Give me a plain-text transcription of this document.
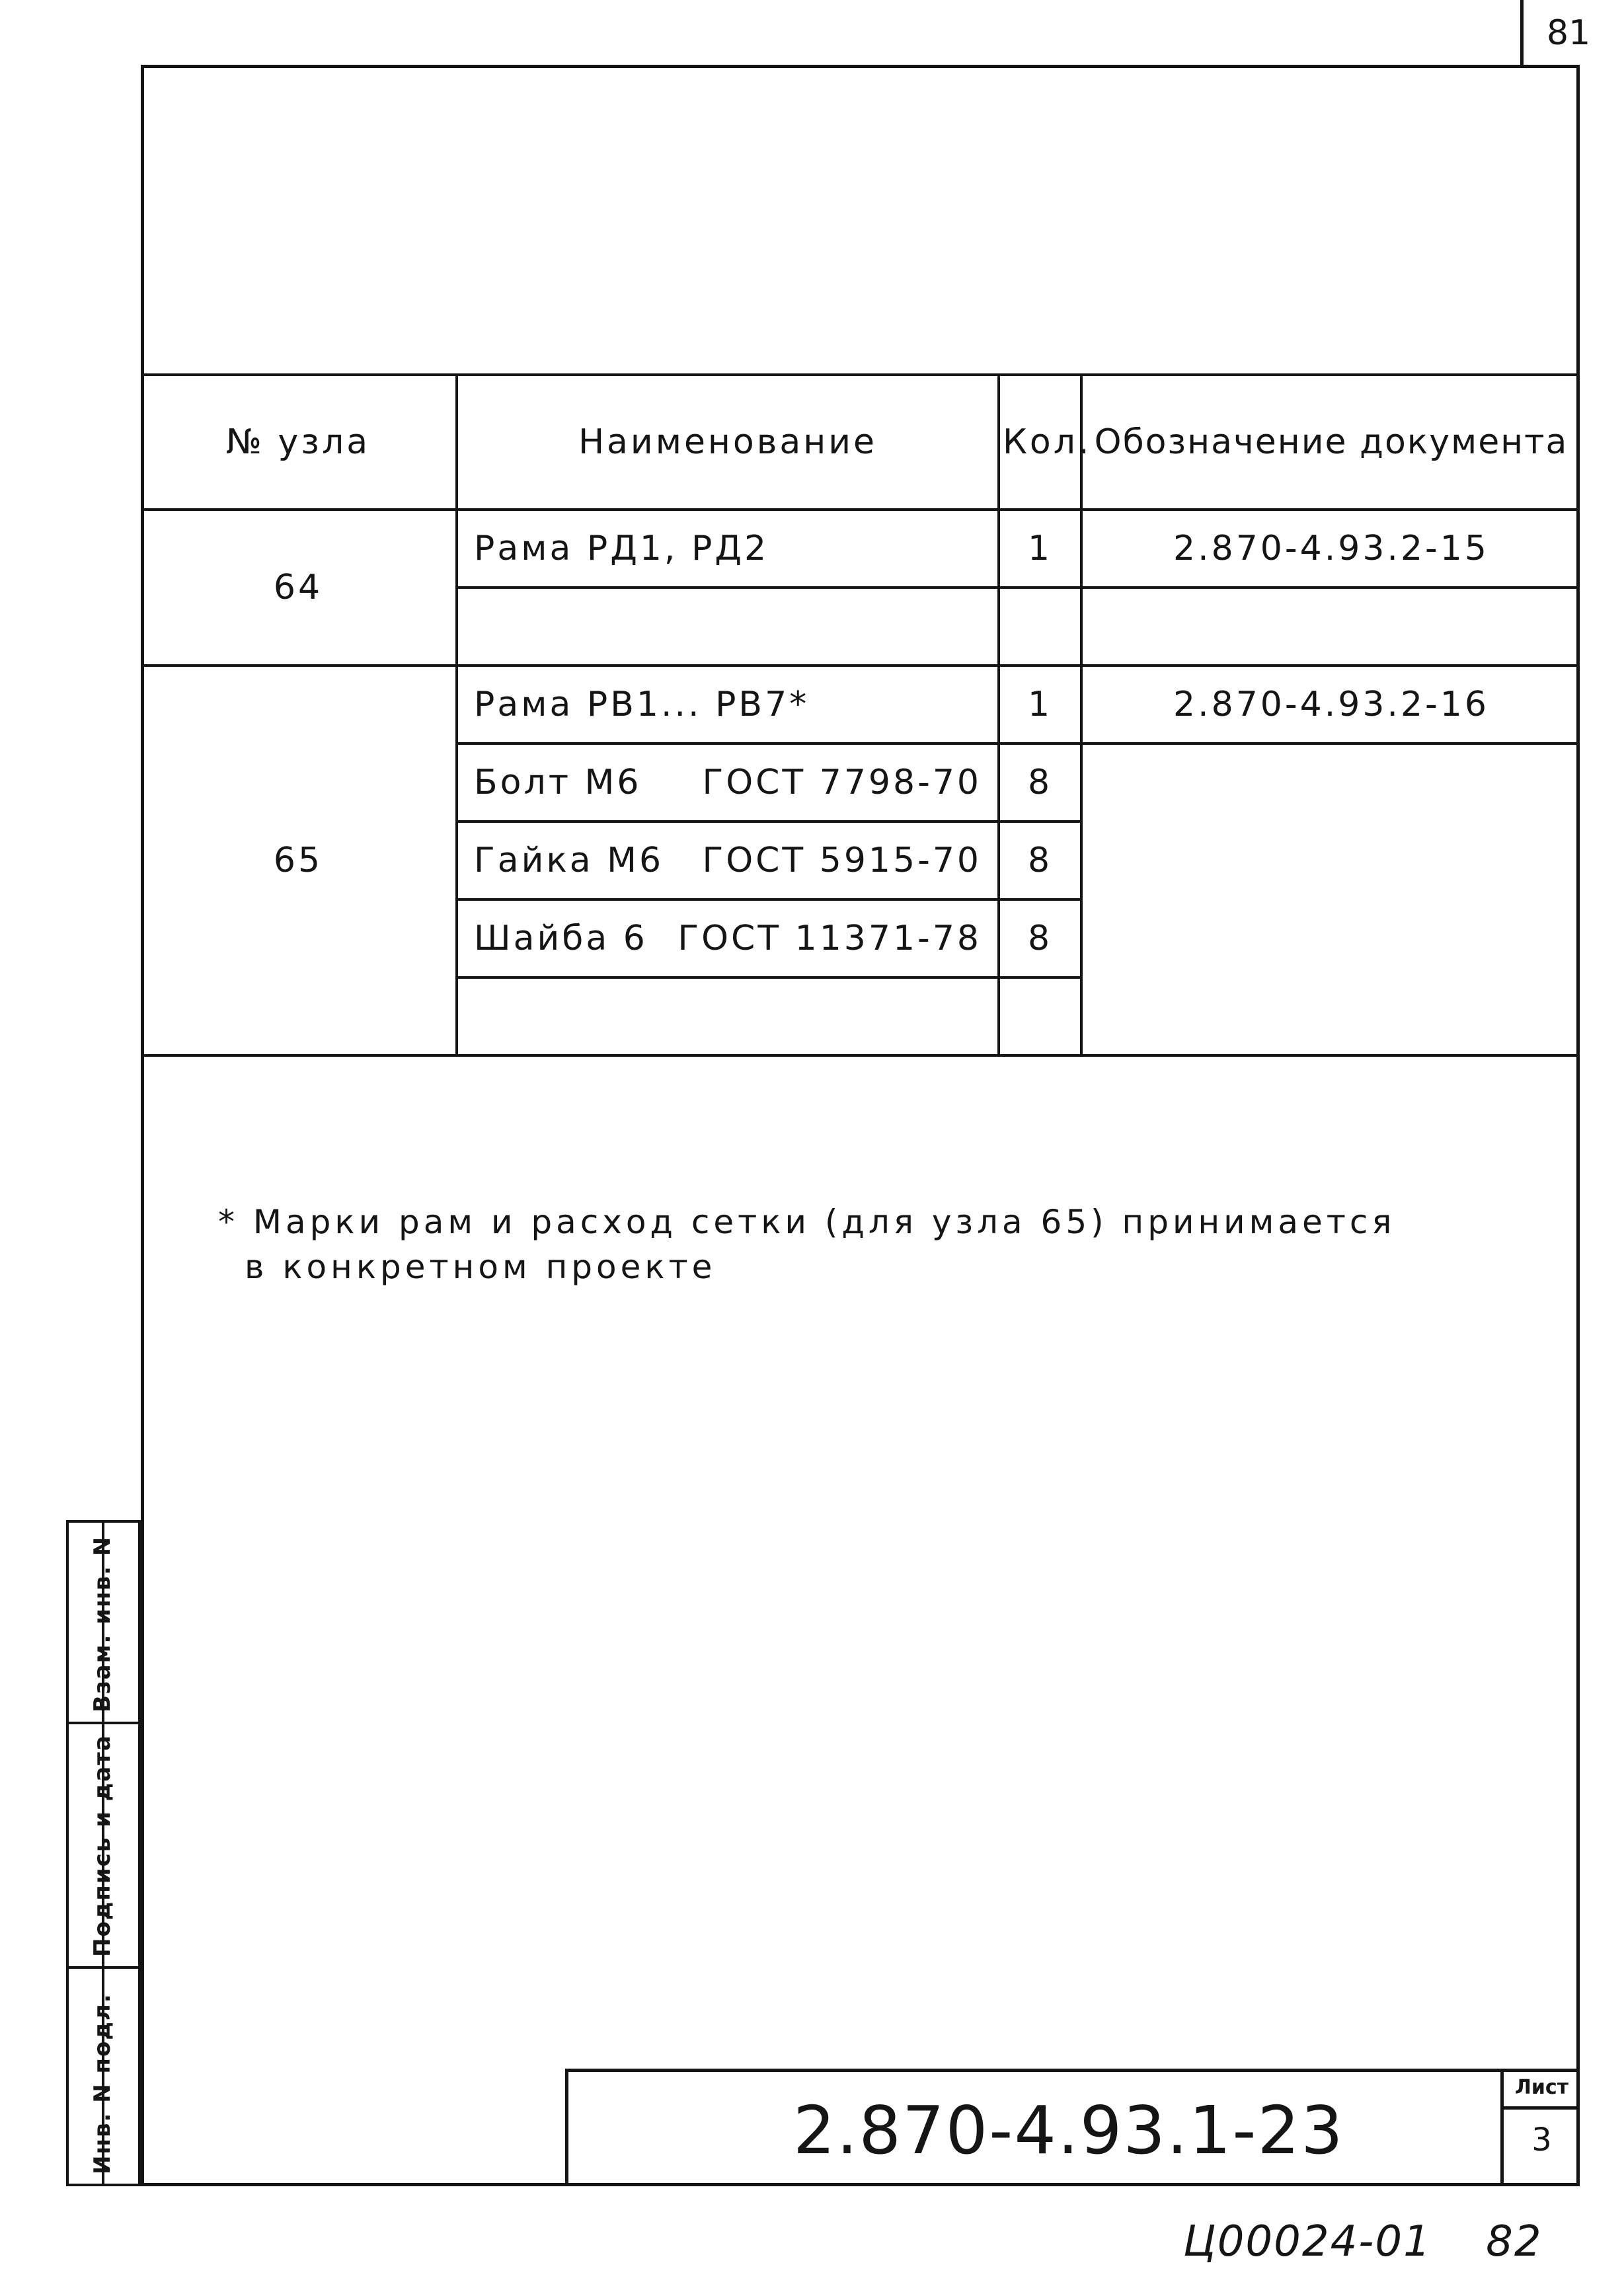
81
№ узла	Наименование	Кол.	Обозначение документа
64	Рама РД1, РД2	1	2.870-4.93.2-15

65	Рама РВ1... РВ7*	1	2.870-4.93.2-16

	Болт М6 ГОСТ 7798-70	8	

	Гайка М6 ГОСТ 5915-70	8	

	Шайба 6 ГОСТ 11371-78	8	

* Марки рам и расход сетки (для узла 65) принимается
в конкретном проекте
Взам. инв. N
Подпись и дата
Инв. N подл.	2.870-4.93.1-23
Лист
3
Ц00024-01 82
